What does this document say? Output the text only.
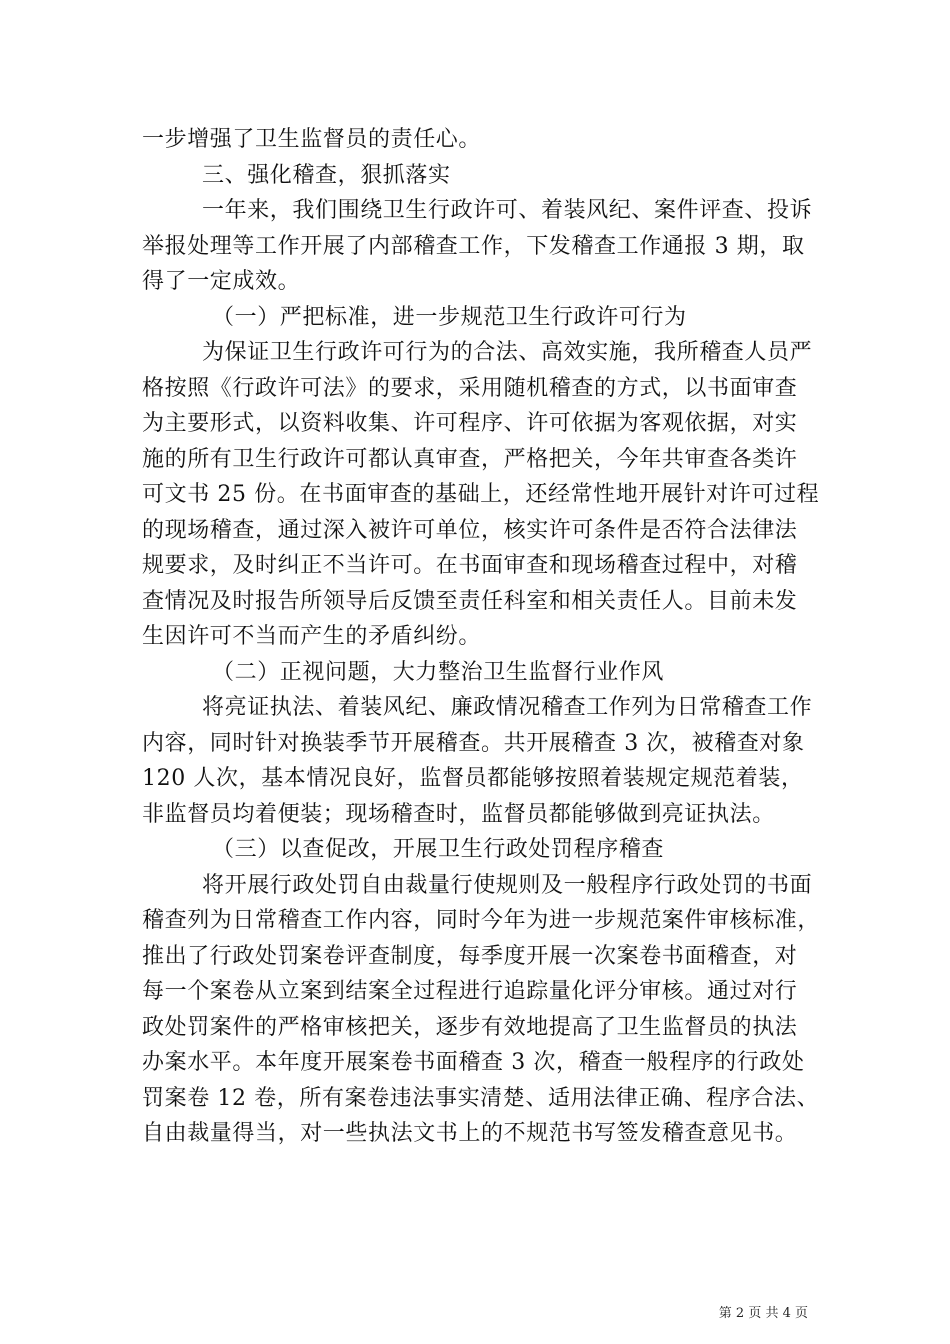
一步增强了卫生监督员的责任心。
三、强化稽查，狠抓落实
一年来，我们围绕卫生行政许可、着装风纪、案件评查、投诉
举报处理等工作开展了内部稽查工作，下发稽查工作通报 3 期，取
得了一定成效。
（一）严把标准，进一步规范卫生行政许可行为
为保证卫生行政许可行为的合法、高效实施，我所稽查人员严
格按照《行政许可法》的要求，采用随机稽查的方式，以书面审查
为主要形式，以资料收集、许可程序、许可依据为客观依据，对实
施的所有卫生行政许可都认真审查，严格把关，今年共审查各类许
可文书 25 份。在书面审查的基础上，还经常性地开展针对许可过程
的现场稽查，通过深入被许可单位，核实许可条件是否符合法律法
规要求，及时纠正不当许可。在书面审查和现场稽查过程中，对稽
查情况及时报告所领导后反馈至责任科室和相关责任人。目前未发
生因许可不当而产生的矛盾纠纷。
（二）正视问题，大力整治卫生监督行业作风
将亮证执法、着装风纪、廉政情况稽查工作列为日常稽查工作
内容，同时针对换装季节开展稽查。共开展稽查 3 次，被稽查对象
120 人次，基本情况良好，监督员都能够按照着装规定规范着装，
非监督员均着便装；现场稽查时，监督员都能够做到亮证执法。
（三）以查促改，开展卫生行政处罚程序稽查
将开展行政处罚自由裁量行使规则及一般程序行政处罚的书面
稽查列为日常稽查工作内容，同时今年为进一步规范案件审核标准，
推出了行政处罚案卷评查制度，每季度开展一次案卷书面稽查，对
每一个案卷从立案到结案全过程进行追踪量化评分审核。通过对行
政处罚案件的严格审核把关，逐步有效地提高了卫生监督员的执法
办案水平。本年度开展案卷书面稽查 3 次，稽查一般程序的行政处
罚案卷 12 卷，所有案卷违法事实清楚、适用法律正确、程序合法、
自由裁量得当，对一些执法文书上的不规范书写签发稽查意见书。
第 2 页 共 4 页
